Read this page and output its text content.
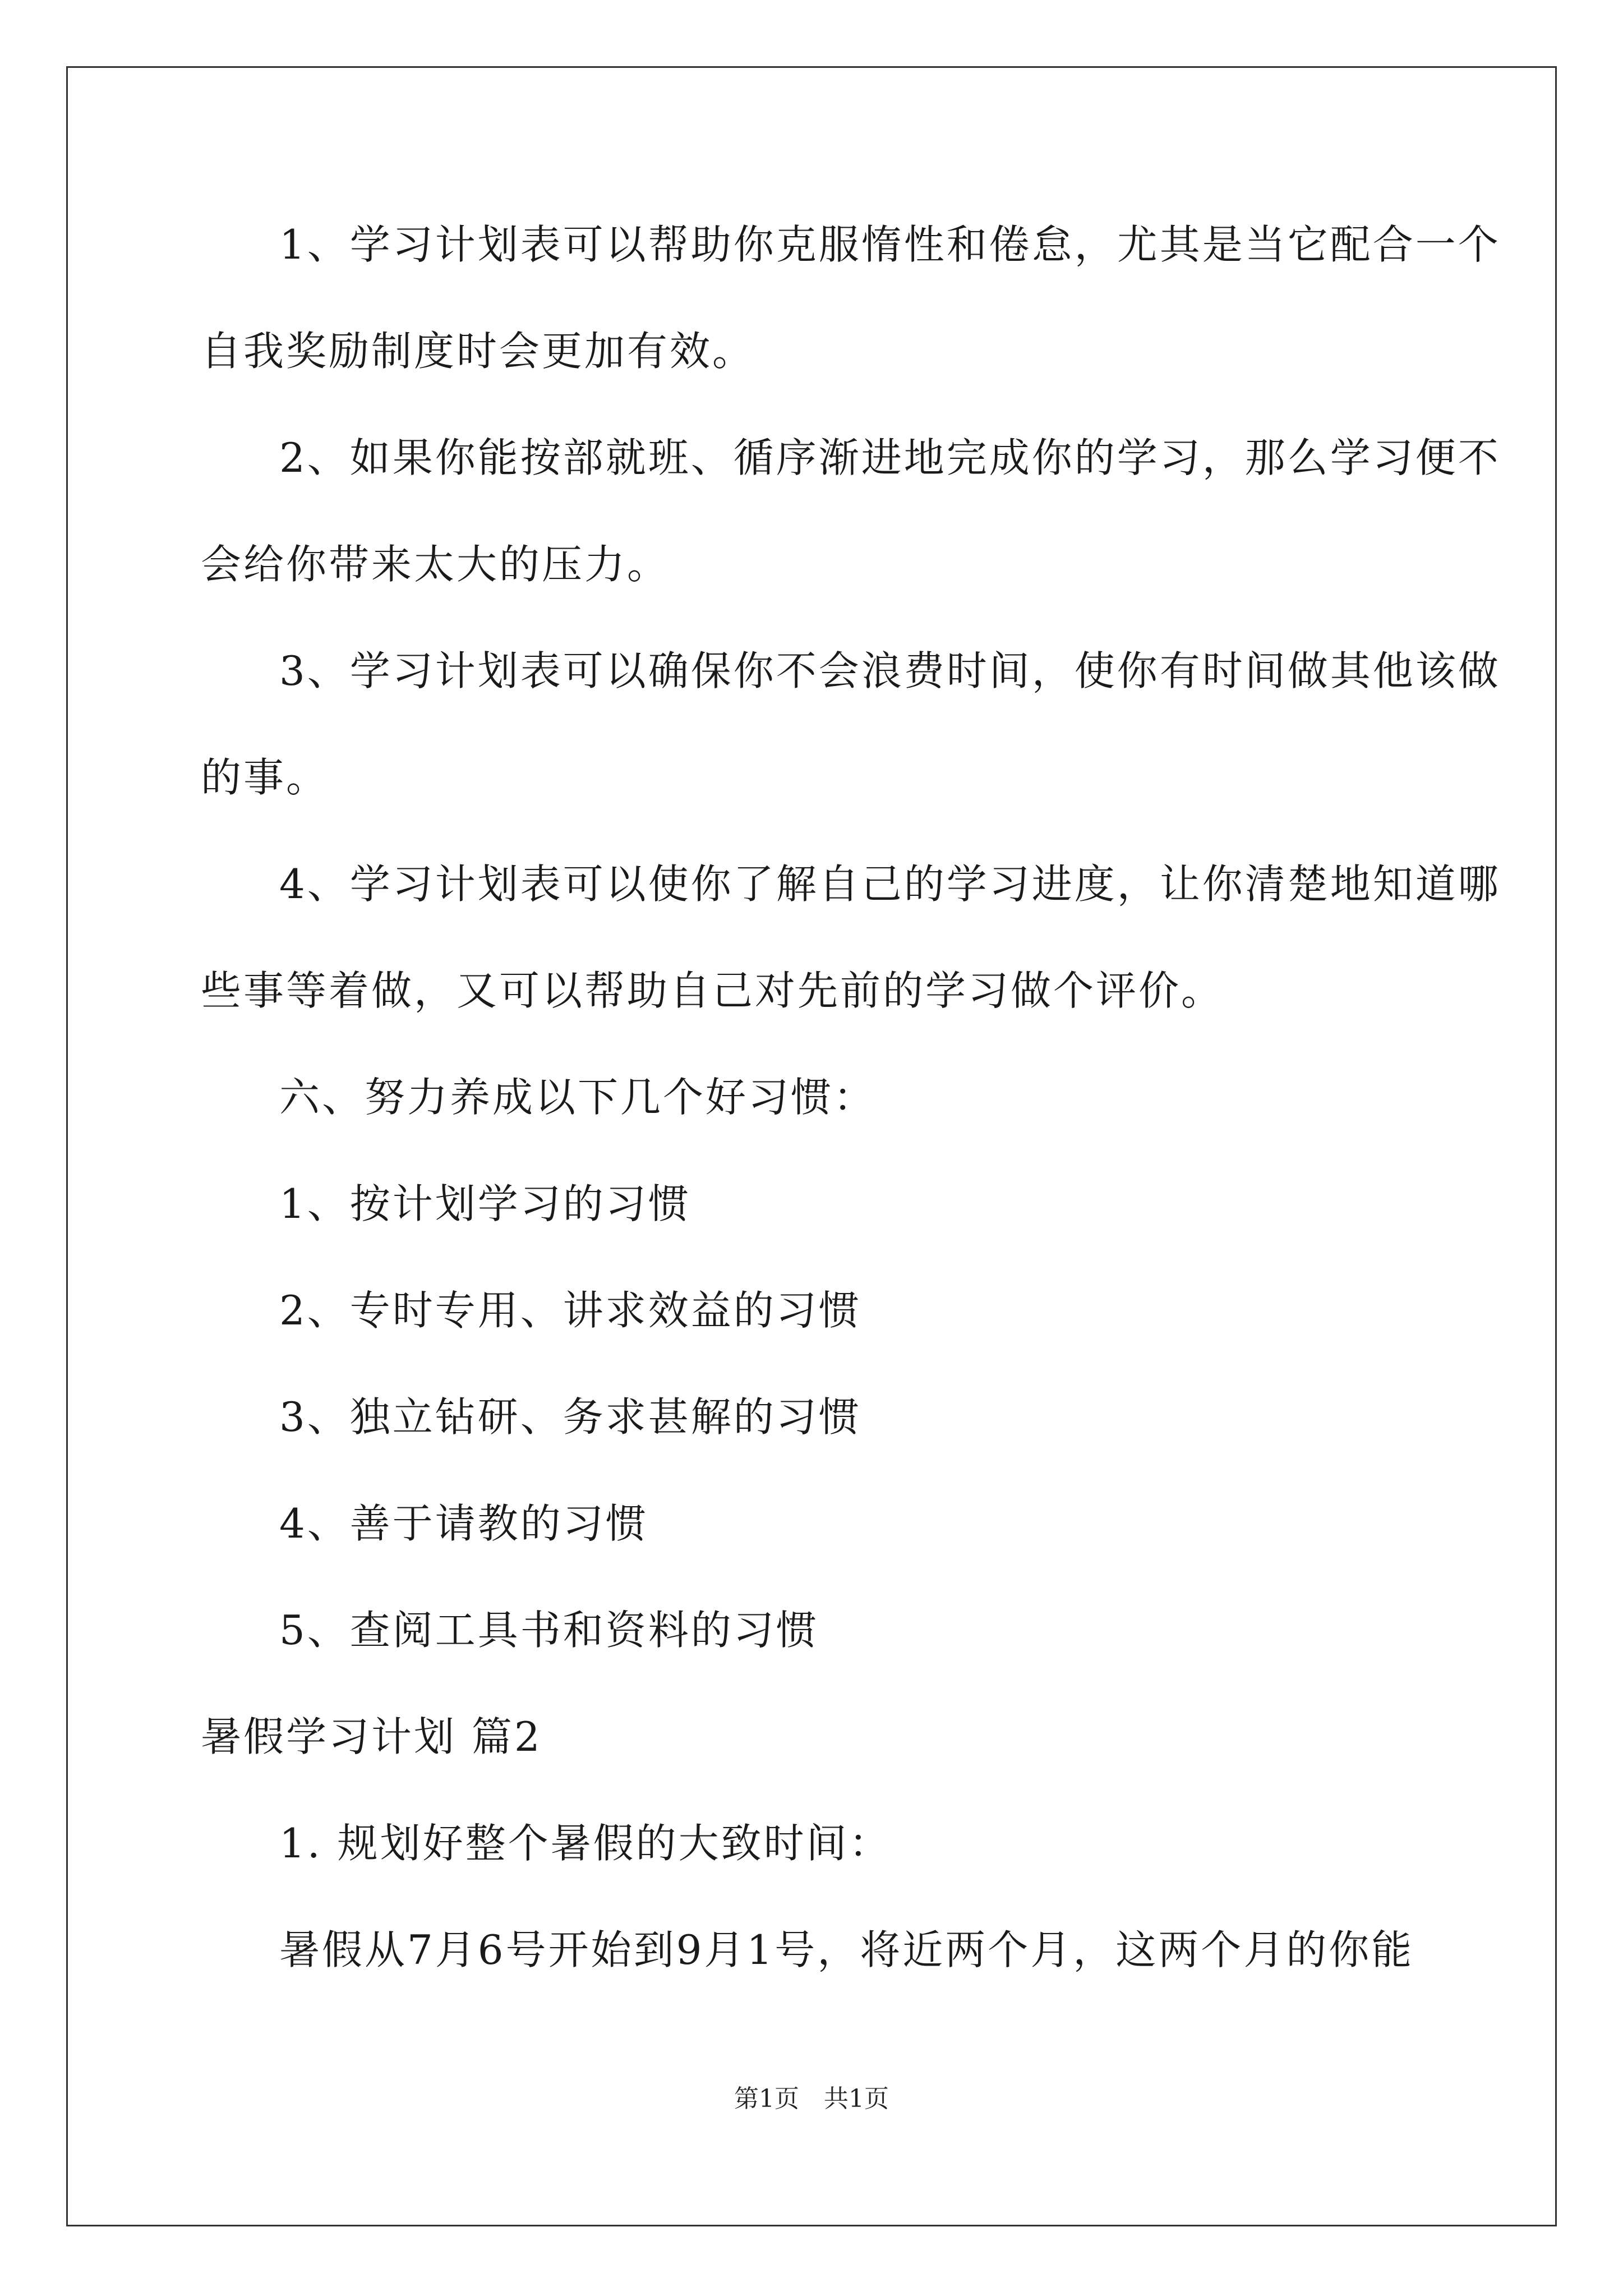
1、学习计划表可以帮助你克服惰性和倦怠，尤其是当它配合一个
自我奖励制度时会更加有效。
2、如果你能按部就班、循序渐进地完成你的学习，那么学习便不
会给你带来太大的压力。
3、学习计划表可以确保你不会浪费时间，使你有时间做其他该做
的事。
4、学习计划表可以使你了解自己的学习进度，让你清楚地知道哪
些事等着做，又可以帮助自己对先前的学习做个评价。
六、努力养成以下几个好习惯：
1、按计划学习的习惯
2、专时专用、讲求效益的习惯
3、独立钻研、务求甚解的习惯
4、善于请教的习惯
5、查阅工具书和资料的习惯
暑假学习计划 篇2
1. 规划好整个暑假的大致时间：
暑假从7月6号开始到9月1号，将近两个月，这两个月的你能
第1页　共1页
